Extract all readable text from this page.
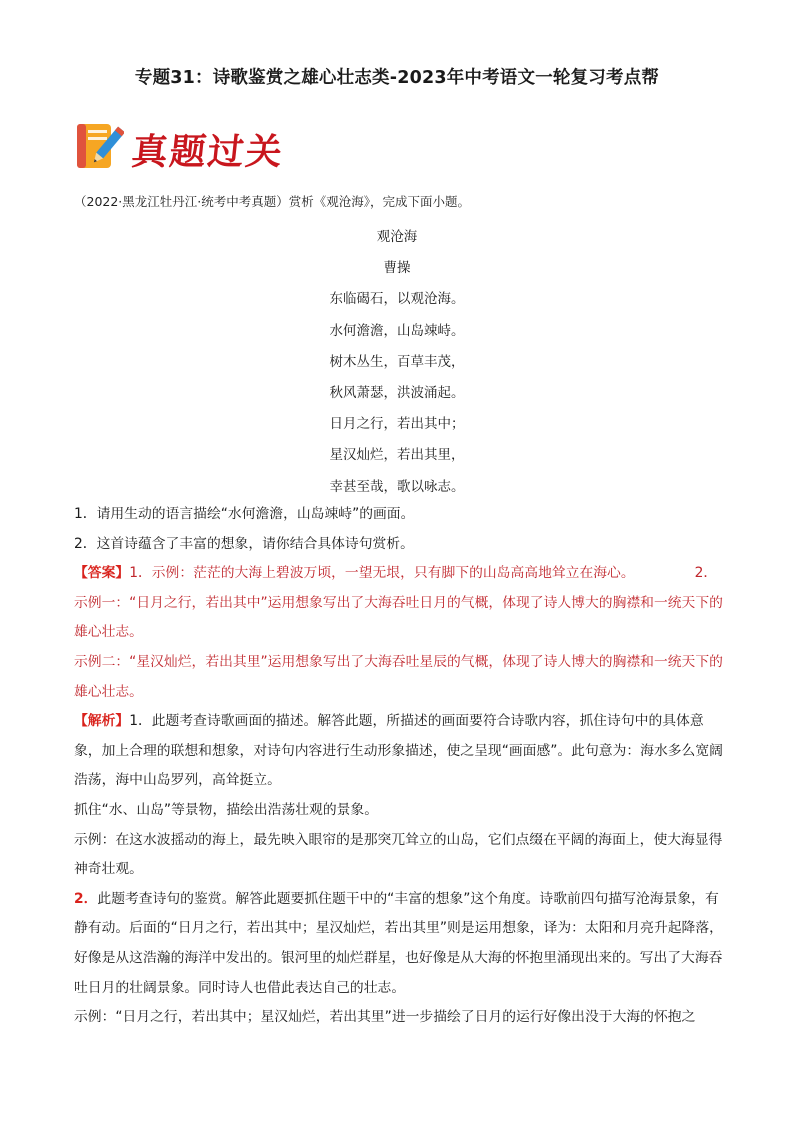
专题31：诗歌鉴赏之雄心壮志类-2023年中考语文一轮复习考点帮
真题过关
（2022·黑龙江牡丹江·统考中考真题）赏析《观沧海》，完成下面小题。
观沧海
曹操
东临碣石，以观沧海。
水何澹澹，山岛竦峙。
树木丛生，百草丰茂，
秋风萧瑟，洪波涌起。
日月之行，若出其中；
星汉灿烂，若出其里，
幸甚至哉，歌以咏志。

1．请用生动的语言描绘“水何澹澹，山岛竦峙”的画面。

2．这首诗蕴含了丰富的想象，请你结合具体诗句赏析。

【答案】1．示例：茫茫的大海上碧波万顷，一望无垠，只有脚下的山岛高高地耸立在海心。	2．示例一：“日月之行，若出其中”运用想象写出了大海吞吐日月的气概，体现了诗人博大的胸襟和一统天下的雄心壮志。

示例二：“星汉灿烂，若出其里”运用想象写出了大海吞吐星辰的气概，体现了诗人博大的胸襟和一统天下的雄心壮志。

【解析】1．此题考查诗歌画面的描述。解答此题，所描述的画面要符合诗歌内容，抓住诗句中的具体意象，加上合理的联想和想象，对诗句内容进行生动形象描述，使之呈现“画面感”。此句意为：海水多么宽阔浩荡，海中山岛罗列，高耸挺立。

抓住“水、山岛”等景物，描绘出浩荡壮观的景象。

示例：在这水波摇动的海上，最先映入眼帘的是那突兀耸立的山岛，它们点缀在平阔的海面上，使大海显得神奇壮观。

2．此题考查诗句的鉴赏。解答此题要抓住题干中的“丰富的想象”这个角度。诗歌前四句描写沧海景象，有静有动。后面的“日月之行，若出其中；星汉灿烂，若出其里”则是运用想象，译为：太阳和月亮升起降落，好像是从这浩瀚的海洋中发出的。银河里的灿烂群星，也好像是从大海的怀抱里涌现出来的。写出了大海吞吐日月的壮阔景象。同时诗人也借此表达自己的壮志。

示例：“日月之行，若出其中；星汉灿烂，若出其里”进一步描绘了日月的运行好像出没于大海的怀抱之
